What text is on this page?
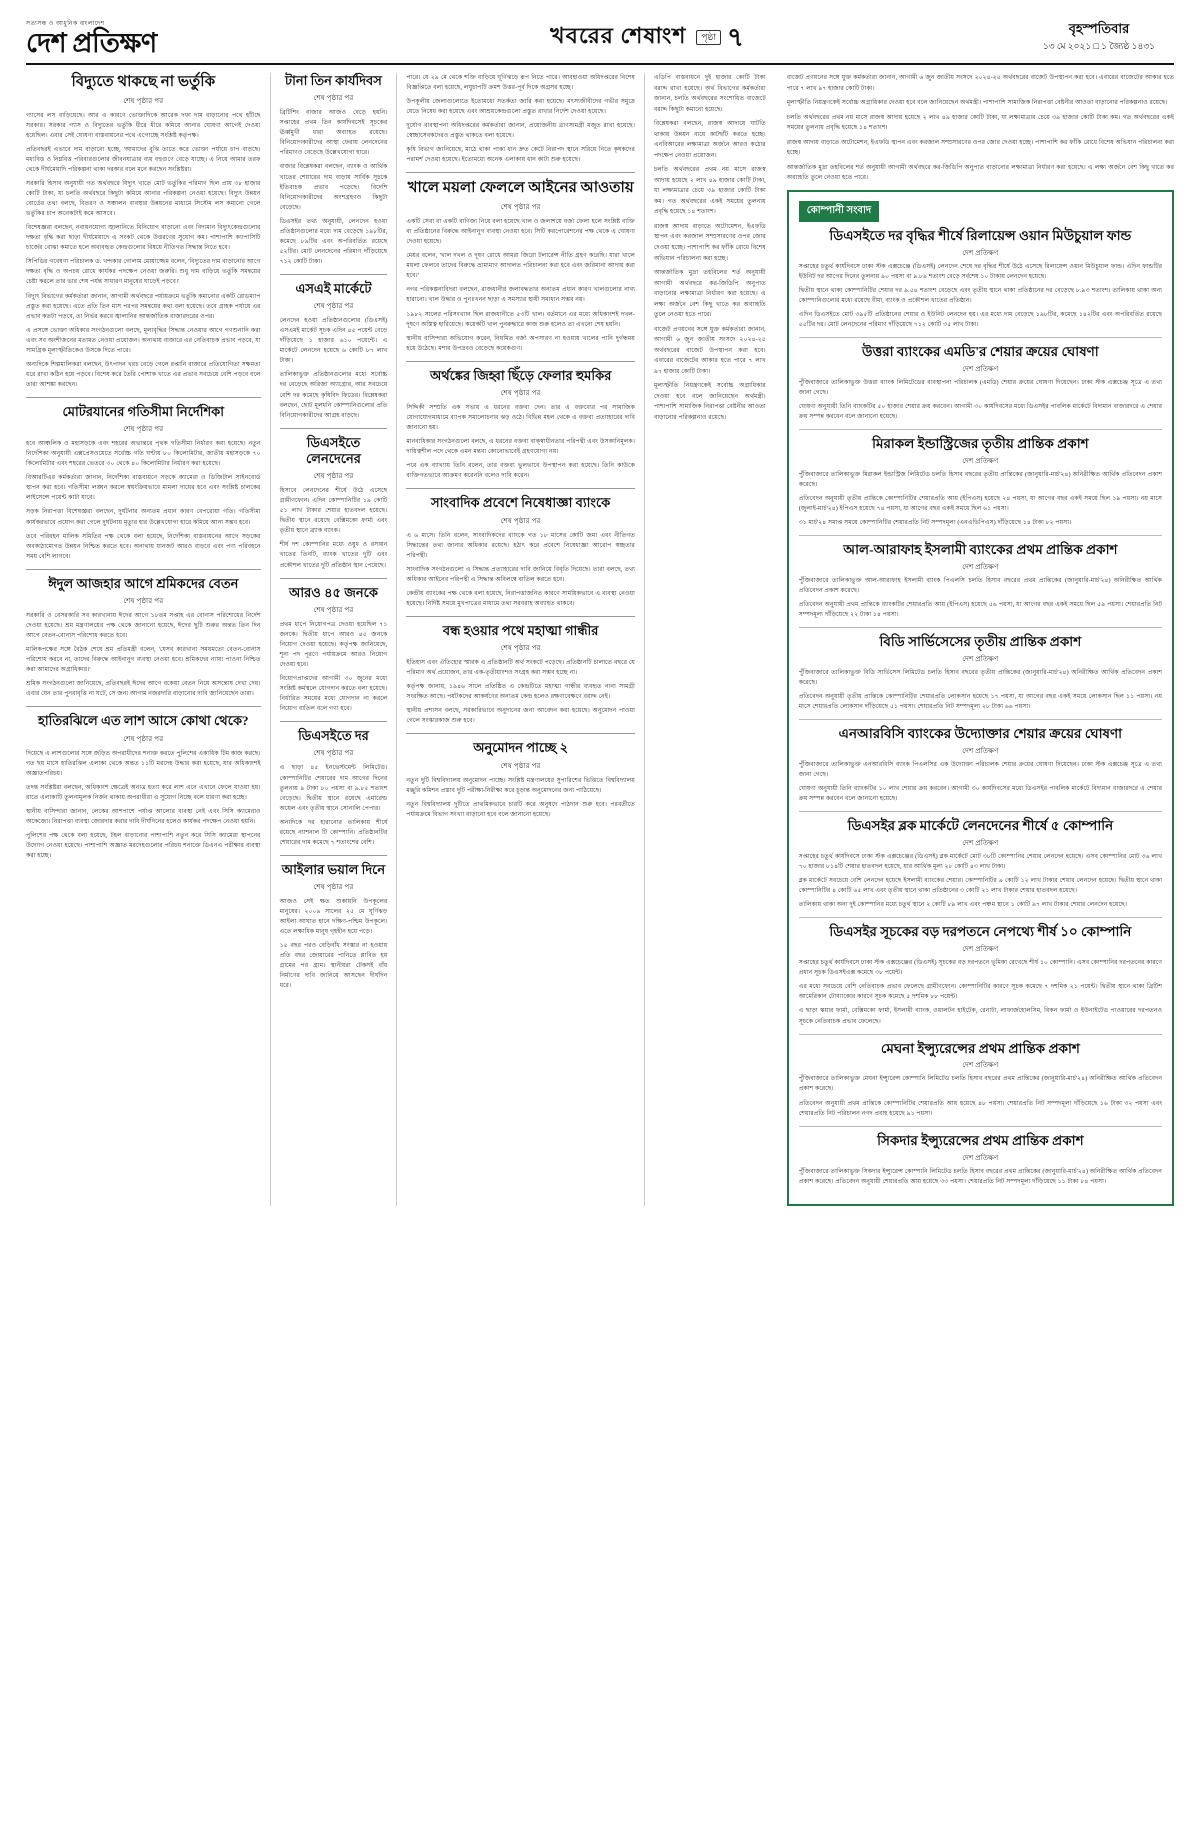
সত্যসন্ধ ও আধুনিক বাংলাদেশ
দেশ প্রতিক্ষণ	খবরের শেষাংশ	পৃষ্ঠা ৭	বৃহস্পতিবার
১৩ মে ২০২১ □ ১ জ্যৈষ্ঠ ১৪৩১
বিদ্যুতে থাকছে না ভর্তুকি
শেষ পৃষ্ঠার পর

গ্যাসের লস বাড়িয়েছে। আর এ কারণে ভোক্তাদিকে আরেক দফা দাম বাড়ানোর পথে হাঁটছে সরকার। সরকার গ্যাস ও বিদ্যুতের ভর্তুকি ধীরে ধীরে কমিয়ে আনার ঘোষণা আগেই দেওয়া হয়েছিল। এবার সেই ঘোষণা বাস্তবায়নের পথে এগোচ্ছে সংশ্লিষ্ট কর্তৃপক্ষ।

প্রতিবছরই এভাবে দাম বাড়ানো হচ্ছে, 'আমাদের বুঝি তাতে করে ভোক্তা পর্যায়ে চাপ বাড়ছে। মধ্যবিত্ত ও নিম্নবিত্ত পরিবারগুলোর জীবনযাত্রার ব্যয় বহুগুণে বেড়ে যাচ্ছে। এ নিয়ে আমার তরফ থেকে দীর্ঘমেয়াদি পরিকল্পনা থাকা দরকার বলে মনে করছেন সংশ্লিষ্টরা।

সরকারি হিসাব অনুযায়ী গত অর্থবছরে বিদ্যুৎ খাতে মোট ভর্তুকির পরিমাণ ছিল প্রায় ৩৮ হাজার কোটি টাকা, যা চলতি অর্থবছরে কিছুটা কমিয়ে আনার পরিকল্পনা নেওয়া হয়েছে। বিদ্যুৎ উন্নয়ন বোর্ডের তথ্য বলছে, বিতরণ ও সঞ্চালন ব্যবস্থার উন্নয়নের মাধ্যমে সিস্টেম লস কমানো গেলে ভর্তুকির চাপ অনেকটাই কমে আসবে।

বিশেষজ্ঞরা বলছেন, নবায়নযোগ্য জ্বালানিতে বিনিয়োগ বাড়ানো এবং বিদ্যমান বিদ্যুৎকেন্দ্রগুলোর দক্ষতা বৃদ্ধি করা ছাড়া দীর্ঘমেয়াদে এ সংকট থেকে উত্তরণের সুযোগ কম। পাশাপাশি ক্যাপাসিটি চার্জের বোঝা কমাতে হলে অব্যবহৃত কেন্দ্রগুলোর বিষয়ে নীতিগত সিদ্ধান্ত নিতে হবে।

সিপিডির গবেষণা পরিচালক ড. খন্দকার গোলাম মোয়াজ্জেম বলেন, 'বিদ্যুতের দাম বাড়ানোর আগে দক্ষতা বৃদ্ধি ও অপচয় রোধে কার্যকর পদক্ষেপ নেওয়া জরুরি। শুধু দাম বাড়িয়ে ভর্তুকি সমন্বয়ের চেষ্টা করলে তার ভার শেষ পর্যন্ত সাধারণ মানুষের ঘাড়েই পড়বে।'

বিদ্যুৎ বিভাগের কর্মকর্তারা জানান, আগামী অর্থবছরে পর্যায়ক্রমে ভর্তুকি কমানোর একটি রোডম্যাপ প্রস্তুত করা হয়েছে। এতে প্রতি তিন মাস পরপর সমন্বয়ের কথা বলা হয়েছে। তবে গ্রাহক পর্যায়ে এর প্রভাব কতটা পড়বে, তা নির্ভর করবে জ্বালানির আন্তর্জাতিক বাজারদরের ওপর।

এ প্রসঙ্গে ভোক্তা অধিকার সংগঠনগুলো বলছে, মূল্যবৃদ্ধির সিদ্ধান্ত নেওয়ার আগে গণশুনানি করা এবং সব অংশীজনের মতামত নেওয়া প্রয়োজন। অন্যথায় বাজারে এর নেতিবাচক প্রভাব পড়বে, যা সামগ্রিক মূল্যস্ফীতিকেও উসকে দিতে পারে।

অন্যদিকে শিল্পমালিকরা বলছেন, উৎপাদন খরচ বেড়ে গেলে রপ্তানি বাজারে প্রতিযোগিতা সক্ষমতা ধরে রাখা কঠিন হয়ে পড়বে। বিশেষ করে তৈরি পোশাক খাতে এর প্রভাব সবচেয়ে বেশি পড়বে বলে তারা আশঙ্কা করছেন।

মোটরযানের গতিসীমা নির্দেশিকা
শেষ পৃষ্ঠার পর

হবে আঞ্চলিক ও মহাসড়কে এবং শহরের অভ্যন্তরে পৃথক গতিসীমা নির্ধারণ করা হয়েছে। নতুন নির্দেশিকা অনুযায়ী এক্সপ্রেসওয়েতে সর্বোচ্চ গতি ঘণ্টায় ৮০ কিলোমিটার, জাতীয় মহাসড়কে ৭০ কিলোমিটার এবং শহরের ভেতরে ৩০ থেকে ৪০ কিলোমিটার নির্ধারণ করা হয়েছে।

বিআরটিএর কর্মকর্তারা জানান, নির্দেশিকা বাস্তবায়নে সড়কে ক্যামেরা ও ডিজিটাল সাইনবোর্ড স্থাপন করা হবে। গতিসীমা লঙ্ঘন করলে স্বয়ংক্রিয়ভাবে মামলা দায়ের হবে এবং সংশ্লিষ্ট চালকের লাইসেন্সে পয়েন্ট কাটা যাবে।

সড়ক নিরাপত্তা বিশেষজ্ঞরা বলছেন, দুর্ঘটনার অন্যতম প্রধান কারণ বেপরোয়া গতি। গতিসীমা কার্যকরভাবে প্রয়োগ করা গেলে দুর্ঘটনায় মৃত্যুর হার উল্লেখযোগ্য হারে কমিয়ে আনা সম্ভব হবে।

তবে পরিবহন মালিক সমিতির পক্ষ থেকে বলা হয়েছে, নির্দেশিকা বাস্তবায়নের আগে সড়কের অবকাঠামোগত উন্নয়ন নিশ্চিত করতে হবে। অন্যথায় যানজট আরও বাড়বে এবং পণ্য পরিবহনে সময় বেশি লাগবে।

ঈদুল আজহার আগে শ্রমিকদের বেতন
শেষ পৃষ্ঠার পর

সরকারি ও বেসরকারি সব কারখানায় ঈদের আগে ১৮তম সপ্তাহ এর বোনাস পরিশোধের নির্দেশ দেওয়া হয়েছে। শ্রম মন্ত্রণালয়ের পক্ষ থেকে জানানো হয়েছে, ঈদের ছুটি শুরুর অন্তত তিন দিন আগে বেতন-বোনাস পরিশোধ করতে হবে।

মালিকপক্ষের সঙ্গে বৈঠক শেষে শ্রম প্রতিমন্ত্রী বলেন, 'যেসব কারখানা সময়মতো বেতন-বোনাস পরিশোধ করবে না, তাদের বিরুদ্ধে আইনানুগ ব্যবস্থা নেওয়া হবে। শ্রমিকদের ন্যায্য পাওনা নিশ্চিত করা আমাদের অগ্রাধিকার।'

শ্রমিক সংগঠনগুলো জানিয়েছে, প্রতিবছরই ঈদের আগে বকেয়া বেতন নিয়ে অসন্তোষ দেখা দেয়। এবার যেন তার পুনরাবৃত্তি না ঘটে, সে জন্য আগাম নজরদারি বাড়ানোর দাবি জানিয়েছেন তারা।

হাতিরঝিলে এত লাশ আসে কোথা থেকে?
শেষ পৃষ্ঠার পর

দিয়েছে এ লাশগুলোর সঙ্গে জড়িত অপরাধীদের শনাক্ত করতে পুলিশের একাধিক টিম কাজ করছে। গত ছয় মাসে হাতিরঝিল এলাকা থেকে অন্তত ১১টি মরদেহ উদ্ধার করা হয়েছে, যার অধিকাংশই অজ্ঞাতপরিচয়।

তদন্ত সংশ্লিষ্টরা বলছেন, অধিকাংশ ক্ষেত্রেই অন্যত্র হত্যা করে লাশ এনে এখানে ফেলে যাওয়া হয়। রাতে এলাকাটি তুলনামূলক নির্জন থাকায় অপরাধীরা এ সুযোগ নিচ্ছে বলে ধারণা করা হচ্ছে।

স্থানীয় বাসিন্দারা জানান, লেকের আশপাশে পর্যাপ্ত আলোর ব্যবস্থা নেই এবং সিসি ক্যামেরাও অকেজো। নিরাপত্তা ব্যবস্থা জোরদার করার দাবি দীর্ঘদিনের হলেও কার্যকর পদক্ষেপ নেওয়া হয়নি।

পুলিশের পক্ষ থেকে বলা হয়েছে, টহল বাড়ানোর পাশাপাশি নতুন করে সিসি ক্যামেরা স্থাপনের উদ্যোগ নেওয়া হয়েছে। পাশাপাশি অজ্ঞাত মরদেহগুলোর পরিচয় শনাক্তে ডিএনএ পরীক্ষার ব্যবস্থা করা হচ্ছে।

টানা তিন কার্যদিবস
শেষ পৃষ্ঠার পর

ব্রিটিশিং বাজার আজও বেড়ে হয়নি। সপ্তাহের প্রথম তিন কার্যদিবসেই সূচকের ঊর্ধ্বমুখী ধারা অব্যাহত রয়েছে। বিনিয়োগকারীদের আস্থা ফেরায় লেনদেনের পরিমাণও বেড়েছে উল্লেখযোগ্য হারে।

বাজার বিশ্লেষকরা বলছেন, ব্যাংক ও আর্থিক খাতের শেয়ারের দাম বাড়ায় সার্বিক সূচকে ইতিবাচক প্রভাব পড়েছে। বিদেশি বিনিয়োগকারীদের অংশগ্রহণও কিছুটা বেড়েছে।

ডিএসইর তথ্য অনুযায়ী, লেনদেন হওয়া প্রতিষ্ঠানগুলোর মধ্যে দাম বেড়েছে ১৯৮টির, কমেছে ৮৯টির এবং অপরিবর্তিত রয়েছে ৫২টির। মোট লেনদেনের পরিমাণ দাঁড়িয়েছে ৭১২ কোটি টাকা।

এসএই মার্কেটে
শেষ পৃষ্ঠার পর

লেনদেন হওয়া প্রতিষ্ঠানগুলোর (ডিএসই) এসএমই মার্কেট সূচক এদিন ৪৫ পয়েন্ট বেড়ে দাঁড়িয়েছে ১ হাজার ৬১০ পয়েন্টে। এ মার্কেটে লেনদেন হয়েছে ৬ কোটি ৮৭ লাখ টাকা।

তালিকাভুক্ত প্রতিষ্ঠানগুলোর মধ্যে সর্বোচ্চ দর বেড়েছে অরিজা অ্যাগ্রোর, আর সবচেয়ে বেশি দর কমেছে কৃষিবিদ ফিডের। বিশ্লেষকরা বলছেন, ছোট মূলধনি কোম্পানিগুলোর প্রতি বিনিয়োগকারীদের আগ্রহ বাড়ছে।

ডিএসইতে লেনদেনের
শেষ পৃষ্ঠার পর

হিসাবে লেনদেনের শীর্ষে উঠে এসেছে গ্রামীণফোন। এদিন কোম্পানিটির ১৯ কোটি ৫১ লাখ টাকার শেয়ার হাতবদল হয়েছে। দ্বিতীয় স্থানে রয়েছে বেক্সিমকো ফার্মা এবং তৃতীয় স্থানে ব্র্যাক ব্যাংক।

শীর্ষ দশ কোম্পানির মধ্যে ওষুধ ও রসায়ন খাতের তিনটি, ব্যাংক খাতের দুটি এবং প্রকৌশল খাতের দুটি প্রতিষ্ঠান স্থান পেয়েছে।

আরও ৪৫ জনকে
শেষ পৃষ্ঠার পর

প্রথম ধাপে নিয়োগপত্র দেওয়া হয়েছিল ৭১ জনকে। দ্বিতীয় ধাপে আরও ৪৫ জনকে নিয়োগ দেওয়া হয়েছে। কর্তৃপক্ষ জানিয়েছে, শূন্য পদ পূরণে পর্যায়ক্রমে আরও নিয়োগ দেওয়া হবে।

নিয়োগপ্রাপ্তদের আগামী ৩০ জুনের মধ্যে সংশ্লিষ্ট কর্মস্থলে যোগদান করতে বলা হয়েছে। নির্ধারিত সময়ের মধ্যে যোগদান না করলে নিয়োগ বাতিল বলে গণ্য হবে।

ডিএসইতে দর
শেষ পৃষ্ঠার পর

এ ছাড়া ৪৫ ইনভেস্টমেন্ট লিমিটেড। কোম্পানিটির শেয়ারের দাম আগের দিনের তুলনায় ৯ টাকা ৮০ পয়সা বা ৯.৮৫ শতাংশ বেড়েছে। দ্বিতীয় স্থানে রয়েছে এমারেল্ড অয়েল এবং তৃতীয় স্থানে সোনালি পেপার।

অন্যদিকে দর হারানোর তালিকায় শীর্ষে রয়েছে ন্যাশনাল টি কোম্পানি। প্রতিষ্ঠানটির শেয়ারের দাম কমেছে ৭ শতাংশের বেশি।

আইলার ভয়াল দিনে
শেষ পৃষ্ঠার পর

আজও সেই ক্ষত শুকায়নি উপকূলের মানুষের। ২০০৯ সালের ২৫ মে ঘূর্ণিঝড় আইলা আঘাত হানে দক্ষিণ-পশ্চিম উপকূলে। এতে লক্ষাধিক মানুষ গৃহহীন হয়ে পড়ে।

১৫ বছর পরও বেড়িবাঁধ সংস্কার না হওয়ায় প্রতি বছর জোয়ারের পানিতে প্লাবিত হয় গ্রামের পর গ্রাম। স্থানীয়রা টেকসই বাঁধ নির্মাণের দাবি জানিয়ে আসছেন দীর্ঘদিন ধরে।

পারে। যে ২৯ মে থেকে শক্তি বাড়িয়ে ঘূর্ণিঝড়ে রূপ নিতে পারে। আবহাওয়া অধিদপ্তরের বিশেষ বিজ্ঞপ্তিতে বলা হয়েছে, লঘুচাপটি ক্রমশ উত্তর-পূর্ব দিকে অগ্রসর হচ্ছে।

উপকূলীয় জেলাগুলোতে ইতোমধ্যে সতর্কতা জারি করা হয়েছে। মৎস্যজীবীদের গভীর সমুদ্রে যেতে নিষেধ করা হয়েছে এবং আশ্রয়কেন্দ্রগুলো প্রস্তুত রাখার নির্দেশ দেওয়া হয়েছে।

দুর্যোগ ব্যবস্থাপনা অধিদপ্তরের কর্মকর্তারা জানান, প্রয়োজনীয় ত্রাণসামগ্রী মজুত রাখা হয়েছে। স্বেচ্ছাসেবকদেরও প্রস্তুত থাকতে বলা হয়েছে।

কৃষি বিভাগ জানিয়েছে, মাঠে থাকা পাকা ধান দ্রুত কেটে নিরাপদ স্থানে সরিয়ে নিতে কৃষকদের পরামর্শ দেওয়া হয়েছে। ইতোমধ্যে অনেক এলাকায় ধান কাটা শুরু হয়েছে।

খালে ময়লা ফেললে আইনের আওতায়
শেষ পৃষ্ঠার পর

একটি সেবা বা একটি বাণিজ্য নিয়ে বলা হয়েছে খাল ও জলাশয়ে বর্জ্য ফেলা হলে সংশ্লিষ্ট ব্যক্তি বা প্রতিষ্ঠানের বিরুদ্ধে আইনানুগ ব্যবস্থা নেওয়া হবে। সিটি করপোরেশনের পক্ষ থেকে এ ঘোষণা দেওয়া হয়েছে।

মেয়র বলেন, 'খাল দখল ও দূষণ রোধে আমরা জিরো টলারেন্স নীতি গ্রহণ করেছি। যারা খালে ময়লা ফেলবে তাদের বিরুদ্ধে ভ্রাম্যমাণ আদালত পরিচালনা করা হবে এবং জরিমানা আদায় করা হবে।'

নগর পরিকল্পনাবিদরা বলছেন, রাজধানীর জলাবদ্ধতার অন্যতম প্রধান কারণ খালগুলোর নাব্য হারানো। খাল উদ্ধার ও পুনঃখনন ছাড়া এ সমস্যার স্থায়ী সমাধান সম্ভব নয়।

১৯৮২ সালের পরিসংখ্যান ছিল রাজধানীতে ৫৩টি খাল। বর্তমানে এর মধ্যে অধিকাংশই দখল-দূষণে অস্তিত্ব হারিয়েছে। কয়েকটি খাল পুনরুদ্ধারে কাজ শুরু হলেও তা এখনো শেষ হয়নি।

স্থানীয় বাসিন্দারা অভিযোগ করেন, নিয়মিত বর্জ্য অপসারণ না হওয়ায় খালের পানি দুর্গন্ধময় হয়ে উঠেছে। মশার উপদ্রবও বেড়েছে কয়েকগুণ।

অর্থঙ্কের জিহ্বা ছিঁড়ে ফেলার হুমকির
শেষ পৃষ্ঠার পর

সিদ্দিকী সম্প্রতি এক সভায় এ ধরনের বক্তব্য দেন। তার এ বক্তব্যের পর সামাজিক যোগাযোগমাধ্যমে ব্যাপক সমালোচনার ঝড় ওঠে। বিভিন্ন মহল থেকে এ বক্তব্য প্রত্যাহারের দাবি জানানো হয়।

মানবাধিকার সংগঠনগুলো বলছে, এ ধরনের বক্তব্য বাক্‌স্বাধীনতার পরিপন্থী এবং উসকানিমূলক। দায়িত্বশীল পদে থেকে এমন মন্তব্য কোনোভাবেই গ্রহণযোগ্য নয়।

পরে এক ব্যাখ্যায় তিনি বলেন, তার বক্তব্য ভুলভাবে উপস্থাপন করা হয়েছে। তিনি কাউকে ব্যক্তিগতভাবে আক্রমণ করেননি বলেও দাবি করেন।

সাংবাদিক প্রবেশে নিষেধাজ্ঞা ব্যাংকে
শেষ পৃষ্ঠার পর

এ ৬ মাসে। তিনি বলেন, সাংবাদিকদের ব্যাংকে গত ১৮ মাসের কোটি জমা এবং নীতিগত সিদ্ধান্তের তথ্য জানার অধিকার রয়েছে। হঠাৎ করে প্রবেশে নিষেধাজ্ঞা আরোপ স্বচ্ছতার পরিপন্থী।

সাংবাদিক সংগঠনগুলো এ সিদ্ধান্ত প্রত্যাহারের দাবি জানিয়ে বিবৃতি দিয়েছে। তারা বলছে, তথ্য অধিকার আইনের পরিপন্থী এ সিদ্ধান্ত অবিলম্বে বাতিল করতে হবে।

কেন্দ্রীয় ব্যাংকের পক্ষ থেকে বলা হয়েছে, নিরাপত্তাজনিত কারণে সাময়িকভাবে এ ব্যবস্থা নেওয়া হয়েছে। নির্দিষ্ট সময়ে মুখপাত্রের মাধ্যমে তথ্য সরবরাহ অব্যাহত থাকবে।

বন্ধ হওয়ার পথে মহাত্মা গান্ধীর
শেষ পৃষ্ঠার পর

ইতিহাস এবং ঐতিহ্যের স্মারক এ প্রতিষ্ঠানটি অর্থ সংকটে পড়েছে। প্রতিষ্ঠানটি চালাতে বছরে যে পরিমাণ অর্থ প্রয়োজন, তার এক-তৃতীয়াংশও সংগ্রহ করা সম্ভব হচ্ছে না।

কর্তৃপক্ষ জানায়, ১৯৪৬ সালে প্রতিষ্ঠিত এ কেন্দ্রটিতে মহাত্মা গান্ধীর ব্যবহৃত নানা সামগ্রী সংরক্ষিত আছে। পর্যটকদের আকর্ষণের অন্যতম কেন্দ্র হলেও রক্ষণাবেক্ষণে বরাদ্দ নেই।

স্থানীয় প্রশাসন বলছে, সরকারিভাবে অনুদানের জন্য আবেদন করা হয়েছে। অনুমোদন পাওয়া গেলে সংস্কারকাজ শুরু হবে।

অনুমোদন পাচ্ছে ২
শেষ পৃষ্ঠার পর

নতুন দুটি বিশ্ববিদ্যালয় অনুমোদন পাচ্ছে। সংশ্লিষ্ট মন্ত্রণালয়ের সুপারিশের ভিত্তিতে বিশ্ববিদ্যালয় মঞ্জুরি কমিশন প্রস্তাব দুটি পরীক্ষা-নিরীক্ষা করে চূড়ান্ত অনুমোদনের জন্য পাঠিয়েছে।

নতুন বিশ্ববিদ্যালয় দুটিতে প্রাথমিকভাবে চারটি করে অনুষদে পাঠদান শুরু হবে। পরবর্তীতে পর্যায়ক্রমে বিভাগ সংখ্যা বাড়ানো হবে বলে জানানো হয়েছে।

এডিপি বাস্তবায়নে দুই হাজার কোটি টাকা বরাদ্দ রাখা হয়েছে। অর্থ বিভাগের কর্মকর্তারা জানান, চলতি অর্থবছরের সংশোধিত বাজেটে বরাদ্দ কিছুটা কমানো হয়েছে।

বিশ্লেষকরা বলছেন, রাজস্ব আদায়ে ঘাটতি থাকায় উন্নয়ন ব্যয়ে কাটছাঁট করতে হচ্ছে। এনবিআরের লক্ষ্যমাত্রা অর্জনে আরও কঠোর পদক্ষেপ নেওয়া প্রয়োজন।

চলতি অর্থবছরের প্রথম নয় মাসে রাজস্ব আদায় হয়েছে ২ লাখ ৪৯ হাজার কোটি টাকা, যা লক্ষ্যমাত্রার চেয়ে ৩৯ হাজার কোটি টাকা কম। গত অর্থবছরের একই সময়ের তুলনায় প্রবৃদ্ধি হয়েছে ১৪ শতাংশ।

রাজস্ব আদায় বাড়াতে অটোমেশন, ইএফডি স্থাপন এবং করজাল সম্প্রসারণের ওপর জোর দেওয়া হচ্ছে। পাশাপাশি কর ফাঁকি রোধে বিশেষ অভিযান পরিচালনা করা হচ্ছে।

আন্তর্জাতিক মুদ্রা তহবিলের শর্ত অনুযায়ী আগামী অর্থবছরে কর-জিডিপি অনুপাত বাড়ানোর লক্ষ্যমাত্রা নির্ধারণ করা হয়েছে। এ লক্ষ্য অর্জনে বেশ কিছু খাতে কর অব্যাহতি তুলে নেওয়া হতে পারে।

বাজেট প্রণয়নের সঙ্গে যুক্ত কর্মকর্তারা জানান, আগামী ৬ জুন জাতীয় সংসদে ২০২৪-২৫ অর্থবছরের বাজেট উপস্থাপন করা হবে। এবারের বাজেটের আকার হতে পারে ৭ লাখ ৯৭ হাজার কোটি টাকা।

মূল্যস্ফীতি নিয়ন্ত্রণকেই সর্বোচ্চ অগ্রাধিকার দেওয়া হবে বলে জানিয়েছেন অর্থমন্ত্রী। পাশাপাশি সামাজিক নিরাপত্তা বেষ্টনীর আওতা বাড়ানোর পরিকল্পনাও রয়েছে।

বাজেট প্রণয়নের সঙ্গে যুক্ত কর্মকর্তারা জানান, আগামী ৬ জুন জাতীয় সংসদে ২০২৪-২৫ অর্থবছরের বাজেট উপস্থাপন করা হবে। এবারের বাজেটের আকার হতে পারে ৭ লাখ ৯৭ হাজার কোটি টাকা।

মূল্যস্ফীতি নিয়ন্ত্রণকেই সর্বোচ্চ অগ্রাধিকার দেওয়া হবে বলে জানিয়েছেন অর্থমন্ত্রী। পাশাপাশি সামাজিক নিরাপত্তা বেষ্টনীর আওতা বাড়ানোর পরিকল্পনাও রয়েছে।

চলতি অর্থবছরের প্রথম নয় মাসে রাজস্ব আদায় হয়েছে ২ লাখ ৪৯ হাজার কোটি টাকা, যা লক্ষ্যমাত্রার চেয়ে ৩৯ হাজার কোটি টাকা কম। গত অর্থবছরের একই সময়ের তুলনায় প্রবৃদ্ধি হয়েছে ১৪ শতাংশ।

রাজস্ব আদায় বাড়াতে অটোমেশন, ইএফডি স্থাপন এবং করজাল সম্প্রসারণের ওপর জোর দেওয়া হচ্ছে। পাশাপাশি কর ফাঁকি রোধে বিশেষ অভিযান পরিচালনা করা হচ্ছে।

আন্তর্জাতিক মুদ্রা তহবিলের শর্ত অনুযায়ী আগামী অর্থবছরে কর-জিডিপি অনুপাত বাড়ানোর লক্ষ্যমাত্রা নির্ধারণ করা হয়েছে। এ লক্ষ্য অর্জনে বেশ কিছু খাতে কর অব্যাহতি তুলে নেওয়া হতে পারে।

কোম্পানী সংবাদ
ডিএসইতে দর বৃদ্ধির শীর্ষে রিলায়েন্স ওয়ান মিউচুয়াল ফান্ড
দেশ প্রতিক্ষণ

সপ্তাহের চতুর্থ কার্যদিবসে ঢাকা স্টক এক্সচেঞ্জে (ডিএসই) লেনদেন শেষে দর বৃদ্ধির শীর্ষে উঠে এসেছে রিলায়েন্স ওয়ান মিউচুয়াল ফান্ড। এদিন ফান্ডটির ইউনিট দর আগের দিনের তুলনায় ৯০ পয়সা বা ৯.৮৯ শতাংশ বেড়ে সর্বশেষ ১০ টাকায় লেনদেন হয়েছে।

দ্বিতীয় স্থানে থাকা কোম্পানিটির শেয়ার দর ৯.৫৪ শতাংশ বেড়েছে এবং তৃতীয় স্থানে থাকা প্রতিষ্ঠানের দর বেড়েছে ৮.৯৩ শতাংশ। তালিকায় থাকা অন্য কোম্পানিগুলোর মধ্যে রয়েছে বীমা, ব্যাংক ও প্রকৌশল খাতের প্রতিষ্ঠান।

এদিন ডিএসইতে মোট ৩৯৫টি প্রতিষ্ঠানের শেয়ার ও ইউনিট লেনদেন হয়। এর মধ্যে দাম বেড়েছে ১৯৮টির, কমেছে ১৪২টির এবং অপরিবর্তিত রয়েছে ৫৫টির দর। মোট লেনদেনের পরিমাণ দাঁড়িয়েছে ৭১২ কোটি ৩৫ লাখ টাকা।

উত্তরা ব্যাংকের এমডি'র শেয়ার ক্রয়ের ঘোষণা
দেশ প্রতিক্ষণ

পুঁজিবাজারে তালিকাভুক্ত উত্তরা ব্যাংক লিমিটেডের ব্যবস্থাপনা পরিচালক (এমডি) শেয়ার ক্রয়ের ঘোষণা দিয়েছেন। ঢাকা স্টক এক্সচেঞ্জ সূত্রে এ তথ্য জানা গেছে।

ঘোষণা অনুযায়ী তিনি ব্যাংকটির ৫০ হাজার শেয়ার ক্রয় করবেন। আগামী ৩০ কার্যদিবসের মধ্যে ডিএসইর পাবলিক মার্কেটে বিদ্যমান বাজারদরে এ শেয়ার ক্রয় সম্পন্ন করবেন বলে জানানো হয়েছে।

মিরাকল ইন্ডাস্ট্রিজের তৃতীয় প্রান্তিক প্রকাশ
দেশ প্রতিক্ষণ

পুঁজিবাজারে তালিকাভুক্ত মিরাকল ইন্ডাস্ট্রিজ লিমিটেড চলতি হিসাব বছরের তৃতীয় প্রান্তিকের (জানুয়ারি-মার্চ'২৪) অনিরীক্ষিত আর্থিক প্রতিবেদন প্রকাশ করেছে।

প্রতিবেদন অনুযায়ী তৃতীয় প্রান্তিকে কোম্পানিটির শেয়ারপ্রতি আয় (ইপিএস) হয়েছে ২৪ পয়সা, যা আগের বছর একই সময়ে ছিল ১৯ পয়সা। নয় মাসে (জুলাই-মার্চ'২৪) ইপিএস হয়েছে ৭৪ পয়সা, যা আগের বছর একই সময়ে ছিল ৬১ পয়সা।

৩১ মার্চ'২৪ সমাপ্ত সময়ে কোম্পানিটির শেয়ারপ্রতি নিট সম্পদমূল্য (এনএভিপিএস) দাঁড়িয়েছে ১৪ টাকা ৮২ পয়সা।

আল-আরাফাহ ইসলামী ব্যাংকের প্রথম প্রান্তিক প্রকাশ
দেশ প্রতিক্ষণ

পুঁজিবাজারে তালিকাভুক্ত আল-আরাফাহ ইসলামী ব্যাংক পিএলসি চলতি হিসাব বছরের প্রথম প্রান্তিকের (জানুয়ারি-মার্চ'২৪) অনিরীক্ষিত আর্থিক প্রতিবেদন প্রকাশ করেছে।

প্রতিবেদন অনুযায়ী প্রথম প্রান্তিকে ব্যাংকটির শেয়ারপ্রতি আয় (ইপিএস) হয়েছে ৫৬ পয়সা, যা আগের বছর একই সময়ে ছিল ৫৯ পয়সা। শেয়ারপ্রতি নিট সম্পদমূল্য দাঁড়িয়েছে ২২ টাকা ১৪ পয়সা।

বিডি সার্ভিসেসের তৃতীয় প্রান্তিক প্রকাশ
দেশ প্রতিক্ষণ

পুঁজিবাজারে তালিকাভুক্ত বিডি সার্ভিসেস লিমিটেড চলতি হিসাব বছরের তৃতীয় প্রান্তিকের (জানুয়ারি-মার্চ'২৪) অনিরীক্ষিত আর্থিক প্রতিবেদন প্রকাশ করেছে।

প্রতিবেদন অনুযায়ী তৃতীয় প্রান্তিকে কোম্পানিটির শেয়ারপ্রতি লোকসান হয়েছে ১৭ পয়সা, যা আগের বছর একই সময়ে লোকসান ছিল ১১ পয়সা। নয় মাসে শেয়ারপ্রতি লোকসান দাঁড়িয়েছে ৫১ পয়সা। শেয়ারপ্রতি নিট সম্পদমূল্য ২৮ টাকা ৬৬ পয়সা।

এনআরবিসি ব্যাংকের উদ্যোক্তার শেয়ার ক্রয়ের ঘোষণা
দেশ প্রতিক্ষণ

পুঁজিবাজারে তালিকাভুক্ত এনআরবিসি ব্যাংক পিএলসির এক উদ্যোক্তা পরিচালক শেয়ার ক্রয়ের ঘোষণা দিয়েছেন। ঢাকা স্টক এক্সচেঞ্জ সূত্রে এ তথ্য জানা গেছে।

ঘোষণা অনুযায়ী তিনি ব্যাংকটির ১০ লাখ শেয়ার ক্রয় করবেন। আগামী ৩০ কার্যদিবসের মধ্যে ডিএসইর পাবলিক মার্কেটে বিদ্যমান বাজারদরে এ শেয়ার ক্রয় সম্পন্ন করবেন বলে জানানো হয়েছে।

ডিএসইর ব্লক মার্কেটে লেনদেনের শীর্ষে ৫ কোম্পানি
দেশ প্রতিক্ষণ

সপ্তাহের চতুর্থ কার্যদিবসে ঢাকা স্টক এক্সচেঞ্জের (ডিএসই) ব্লক মার্কেটে মোট ৩৮টি কোম্পানির শেয়ার লেনদেন হয়েছে। এসব কোম্পানির মোট ৩৬ লাখ ৭০ হাজার ৮১৪টি শেয়ার হাতবদল হয়েছে, যার আর্থিক মূল্য ২৮ কোটি ৪৩ লাখ টাকা।

ব্লক মার্কেটে সবচেয়ে বেশি লেনদেন হয়েছে ইসলামী ব্যাংকের শেয়ার। কোম্পানিটির ৯ কোটি ১২ লাখ টাকার শেয়ার লেনদেন হয়েছে। দ্বিতীয় স্থানে থাকা কোম্পানিটির ৪ কোটি ৬৫ লাখ এবং তৃতীয় স্থানে থাকা প্রতিষ্ঠানের ৩ কোটি ২১ লাখ টাকার শেয়ার হাতবদল হয়েছে।

তালিকায় থাকা অন্য দুই কোম্পানির মধ্যে চতুর্থ স্থানে ২ কোটি ৮৯ লাখ এবং পঞ্চম স্থানে ১ কোটি ৯৭ লাখ টাকার শেয়ার লেনদেন হয়েছে।

ডিএসইর সূচকের বড় দরপতনে নেপথ্যে শীর্ষ ১০ কোম্পানি
দেশ প্রতিক্ষণ

সপ্তাহের চতুর্থ কার্যদিবসে ঢাকা স্টক এক্সচেঞ্জের (ডিএসই) সূচকের বড় দরপতনে ভূমিকা রেখেছে শীর্ষ ১০ কোম্পানি। এসব কোম্পানির দরপতনের কারণে প্রধান সূচক ডিএসইএক্স কমেছে ৩৮ পয়েন্ট।

এর মধ্যে সবচেয়ে বেশি নেতিবাচক প্রভাব ফেলেছে গ্রামীণফোন। কোম্পানিটির কারণে সূচক কমেছে ৭ দশমিক ২১ পয়েন্ট। দ্বিতীয় স্থানে থাকা ব্রিটিশ আমেরিকান টোব্যাকোর কারণে সূচক কমেছে ৫ দশমিক ৮৮ পয়েন্ট।

এ ছাড়া স্কয়ার ফার্মা, বেক্সিমকো ফার্মা, ইসলামী ব্যাংক, ওয়ালটন হাইটেক, রেনাটা, লাফার্জহোলসিম, বিকন ফার্মা ও ইউনাইটেড পাওয়ারের দরপতনও সূচকে নেতিবাচক প্রভাব ফেলেছে।

মেঘনা ইন্স্যুরেন্সের প্রথম প্রান্তিক প্রকাশ
দেশ প্রতিক্ষণ

পুঁজিবাজারে তালিকাভুক্ত মেঘনা ইন্স্যুরেন্স কোম্পানি লিমিটেড চলতি হিসাব বছরের প্রথম প্রান্তিকের (জানুয়ারি-মার্চ'২৪) অনিরীক্ষিত আর্থিক প্রতিবেদন প্রকাশ করেছে।

প্রতিবেদন অনুযায়ী প্রথম প্রান্তিকে কোম্পানিটির শেয়ারপ্রতি আয় হয়েছে ৪৮ পয়সা। শেয়ারপ্রতি নিট সম্পদমূল্য দাঁড়িয়েছে ১৬ টাকা ৩২ পয়সা এবং শেয়ারপ্রতি নিট পরিচালন নগদ প্রবাহ হয়েছে ৯১ পয়সা।

সিকদার ইন্স্যুরেন্সের প্রথম প্রান্তিক প্রকাশ
দেশ প্রতিক্ষণ

পুঁজিবাজারে তালিকাভুক্ত সিকদার ইন্স্যুরেন্স কোম্পানি লিমিটেড চলতি হিসাব বছরের প্রথম প্রান্তিকের (জানুয়ারি-মার্চ'২৪) অনিরীক্ষিত আর্থিক প্রতিবেদন প্রকাশ করেছে। প্রতিবেদন অনুযায়ী শেয়ারপ্রতি আয় হয়েছে ৩৩ পয়সা। শেয়ারপ্রতি নিট সম্পদমূল্য দাঁড়িয়েছে ১১ টাকা ৮৪ পয়সা।
